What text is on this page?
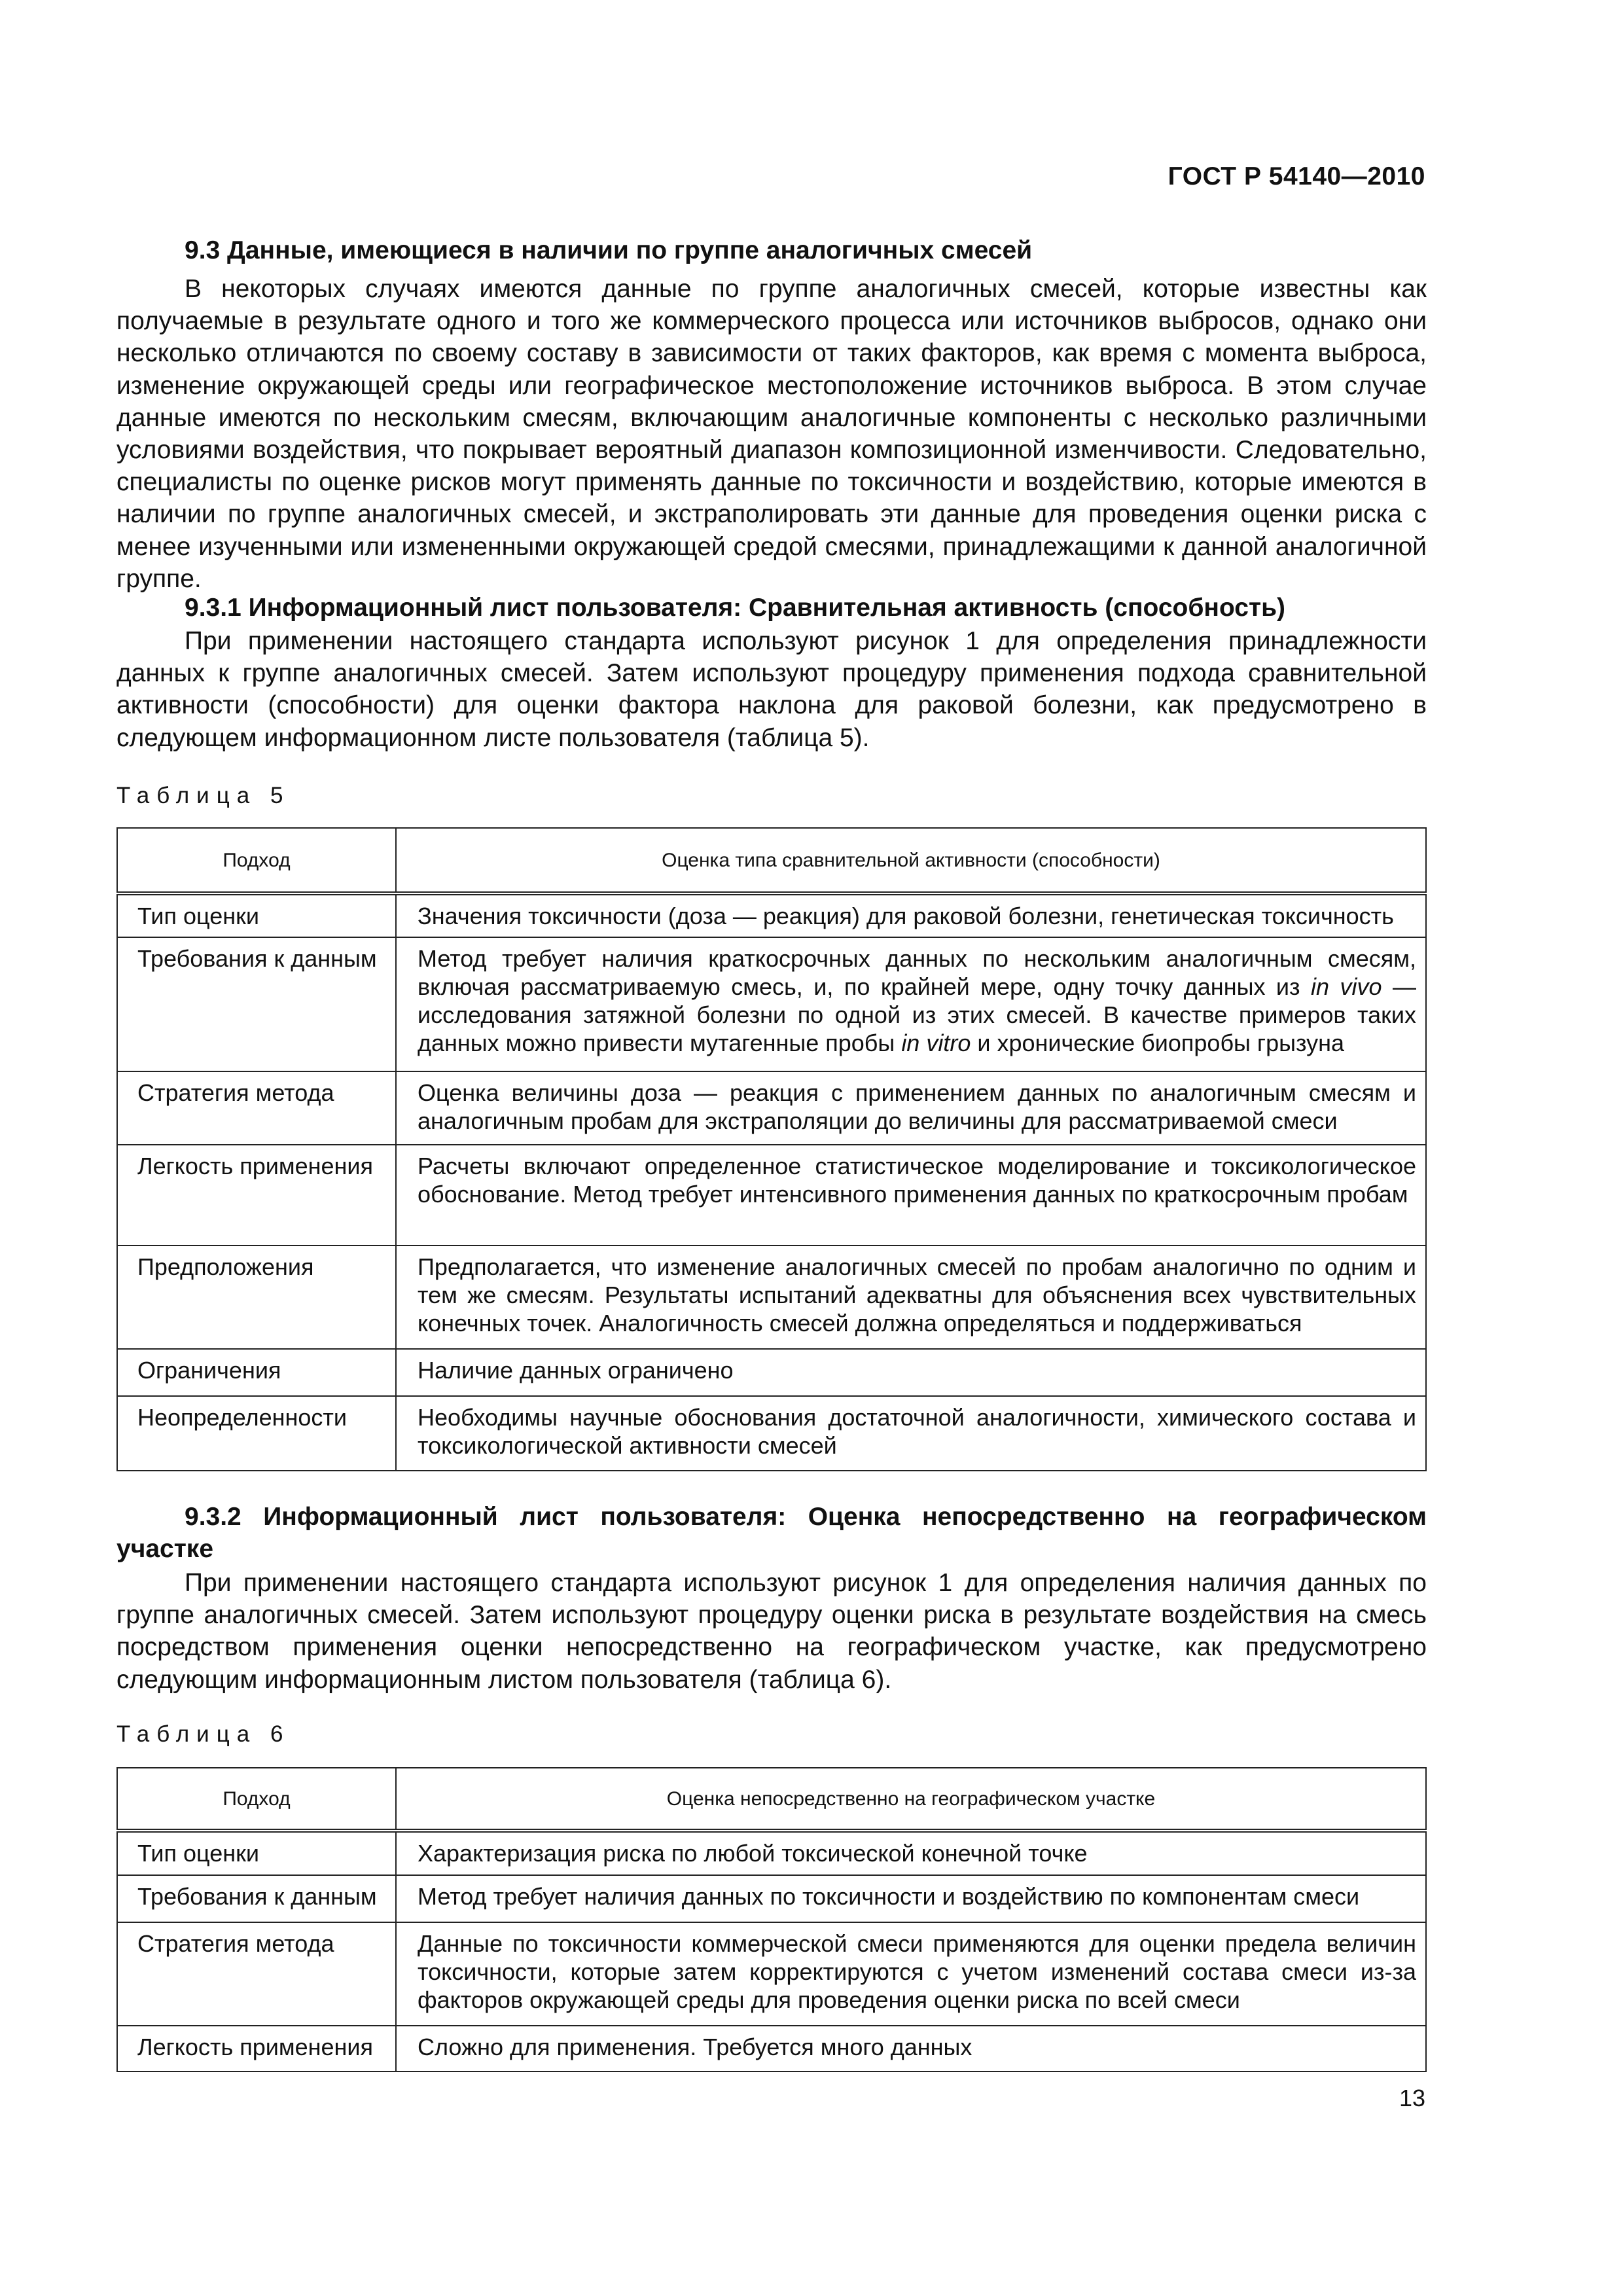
ГОСТ Р 54140—2010
9.3 Данные, имеющиеся в наличии по группе аналогичных смесей
В некоторых случаях имеются данные по группе аналогичных смесей, которые известны как получаемые в результате одного и того же коммерческого процесса или источников выбросов, однако они несколько отличаются по своему составу в зависимости от таких факторов, как время с момента выброса, изменение окружающей среды или географическое местоположение источников выброса. В этом случае данные имеются по нескольким смесям, включающим аналогичные компоненты с несколько различными условиями воздействия, что покрывает вероятный диапазон композиционной изменчивости. Следовательно, специалисты по оценке рисков могут применять данные по токсичности и воздействию, которые имеются в наличии по группе аналогичных смесей, и экстраполировать эти данные для проведения оценки риска с менее изученными или измененными окружающей средой смесями, принадлежащими к данной аналогичной группе.
9.3.1 Информационный лист пользователя: Сравнительная активность (способность)
При применении настоящего стандарта используют рисунок 1 для определения принадлежности данных к группе аналогичных смесей. Затем используют процедуру применения подхода сравнительной активности (способности) для оценки фактора наклона для раковой болезни, как предусмотрено в следующем информационном листе пользователя (таблица 5).
Таблица 5
Подход	Оценка типа сравнительной активности (способности)
Тип оценки	Значения токсичности (доза — реакция) для раковой болезни, генетическая токсичность
Требования к данным	Метод требует наличия краткосрочных данных по нескольким аналогичным смесям, включая рассматриваемую смесь, и, по крайней мере, одну точку данных из in vivo — исследования затяжной болезни по одной из этих смесей. В качестве примеров таких данных можно привести мутагенные пробы in vitro и хронические биопробы грызуна
Стратегия метода	Оценка величины доза — реакция с применением данных по аналогичным смесям и аналогичным пробам для экстраполяции до величины для рассматриваемой смеси
Легкость применения	Расчеты включают определенное статистическое моделирование и токсикологическое обоснование. Метод требует интенсивного применения данных по краткосрочным пробам
Предположения	Предполагается, что изменение аналогичных смесей по пробам аналогично по одним и тем же смесям. Результаты испытаний адекватны для объяснения всех чувствительных конечных точек. Аналогичность смесей должна определяться и поддерживаться
Ограничения	Наличие данных ограничено
Неопределенности	Необходимы научные обоснования достаточной аналогичности, химического состава и токсикологической активности смесей
9.3.2 Информационный лист пользователя: Оценка непосредственно на географическом участке
При применении настоящего стандарта используют рисунок 1 для определения наличия данных по группе аналогичных смесей. Затем используют процедуру оценки риска в результате воздействия на смесь посредством применения оценки непосредственно на географическом участке, как предусмотрено следующим информационным листом пользователя (таблица 6).
Таблица 6
Подход	Оценка непосредственно на географическом участке
Тип оценки	Характеризация риска по любой токсической конечной точке
Требования к данным	Метод требует наличия данных по токсичности и воздействию по компонентам смеси
Стратегия метода	Данные по токсичности коммерческой смеси применяются для оценки предела величин токсичности, которые затем корректируются с учетом изменений состава смеси из-за факторов окружающей среды для проведения оценки риска по всей смеси
Легкость применения	Сложно для применения. Требуется много данных
13
